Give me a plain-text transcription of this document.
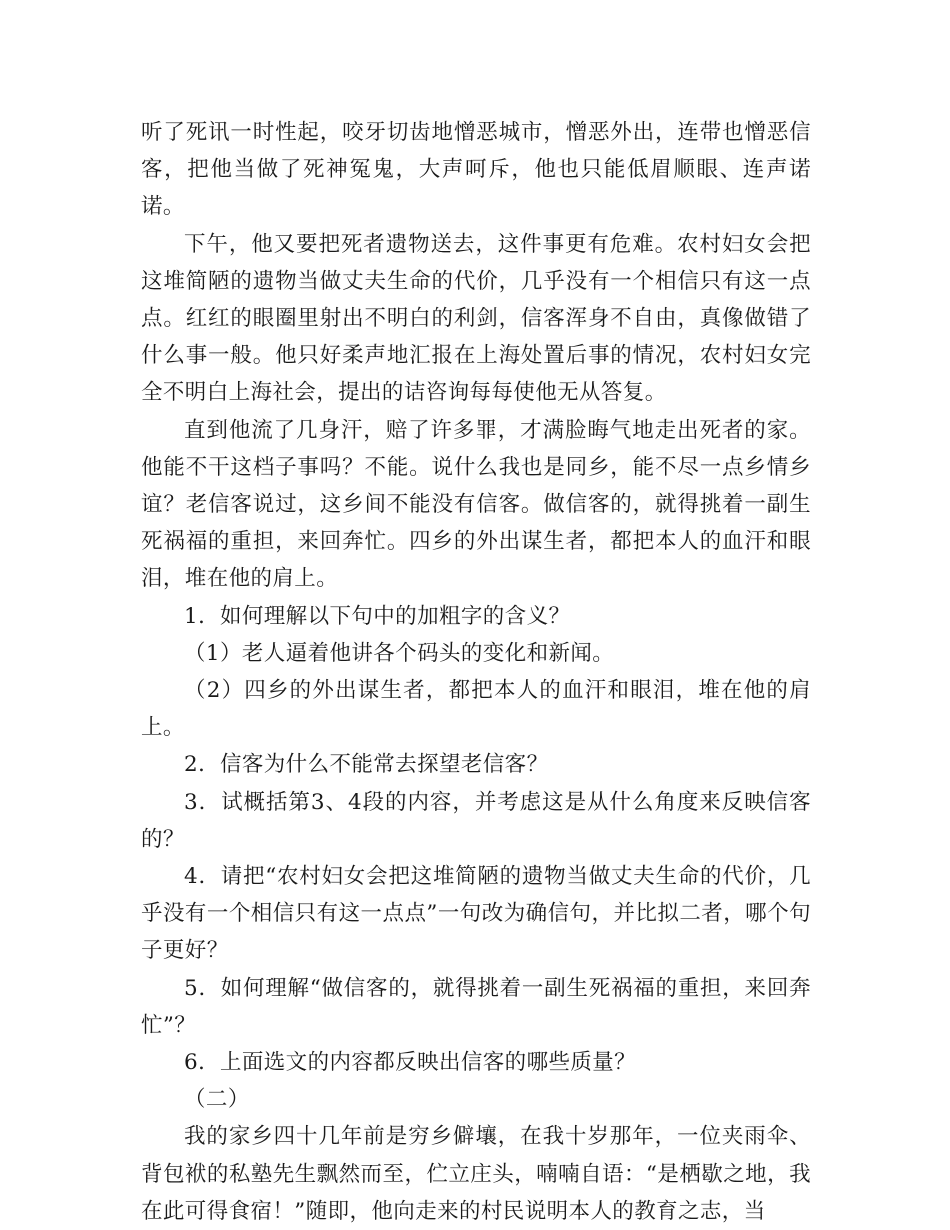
听了死讯一时性起，咬牙切齿地憎恶城市，憎恶外出，连带也憎恶信客，把他当做了死神冤鬼，大声呵斥，他也只能低眉顺眼、连声诺诺。

下午，他又要把死者遗物送去，这件事更有危难。农村妇女会把这堆简陋的遗物当做丈夫生命的代价，几乎没有一个相信只有这一点点。红红的眼圈里射出不明白的利剑，信客浑身不自由，真像做错了什么事一般。他只好柔声地汇报在上海处置后事的情况，农村妇女完全不明白上海社会，提出的诘咨询每每使他无从答复。

直到他流了几身汗，赔了许多罪，才满脸晦气地走出死者的家。他能不干这档子事吗？不能。说什么我也是同乡，能不尽一点乡情乡谊？老信客说过，这乡间不能没有信客。做信客的，就得挑着一副生死祸福的重担，来回奔忙。四乡的外出谋生者，都把本人的血汗和眼泪，堆在他的肩上。

1．如何理解以下句中的加粗字的含义？

（1）老人逼着他讲各个码头的变化和新闻。

（2）四乡的外出谋生者，都把本人的血汗和眼泪，堆在他的肩上。

2．信客为什么不能常去探望老信客？

3．试概括第3、4段的内容，并考虑这是从什么角度来反映信客的？

4．请把“农村妇女会把这堆简陋的遗物当做丈夫生命的代价，几乎没有一个相信只有这一点点”一句改为确信句，并比拟二者，哪个句子更好？

5．如何理解“做信客的，就得挑着一副生死祸福的重担，来回奔忙”？

6．上面选文的内容都反映出信客的哪些质量？

（二）

我的家乡四十几年前是穷乡僻壤，在我十岁那年，一位夹雨伞、背包袱的私塾先生飘然而至，伫立庄头，喃喃自语：“是栖歇之地，我在此可得食宿！”随即，他向走来的村民说明本人的教育之志，当
